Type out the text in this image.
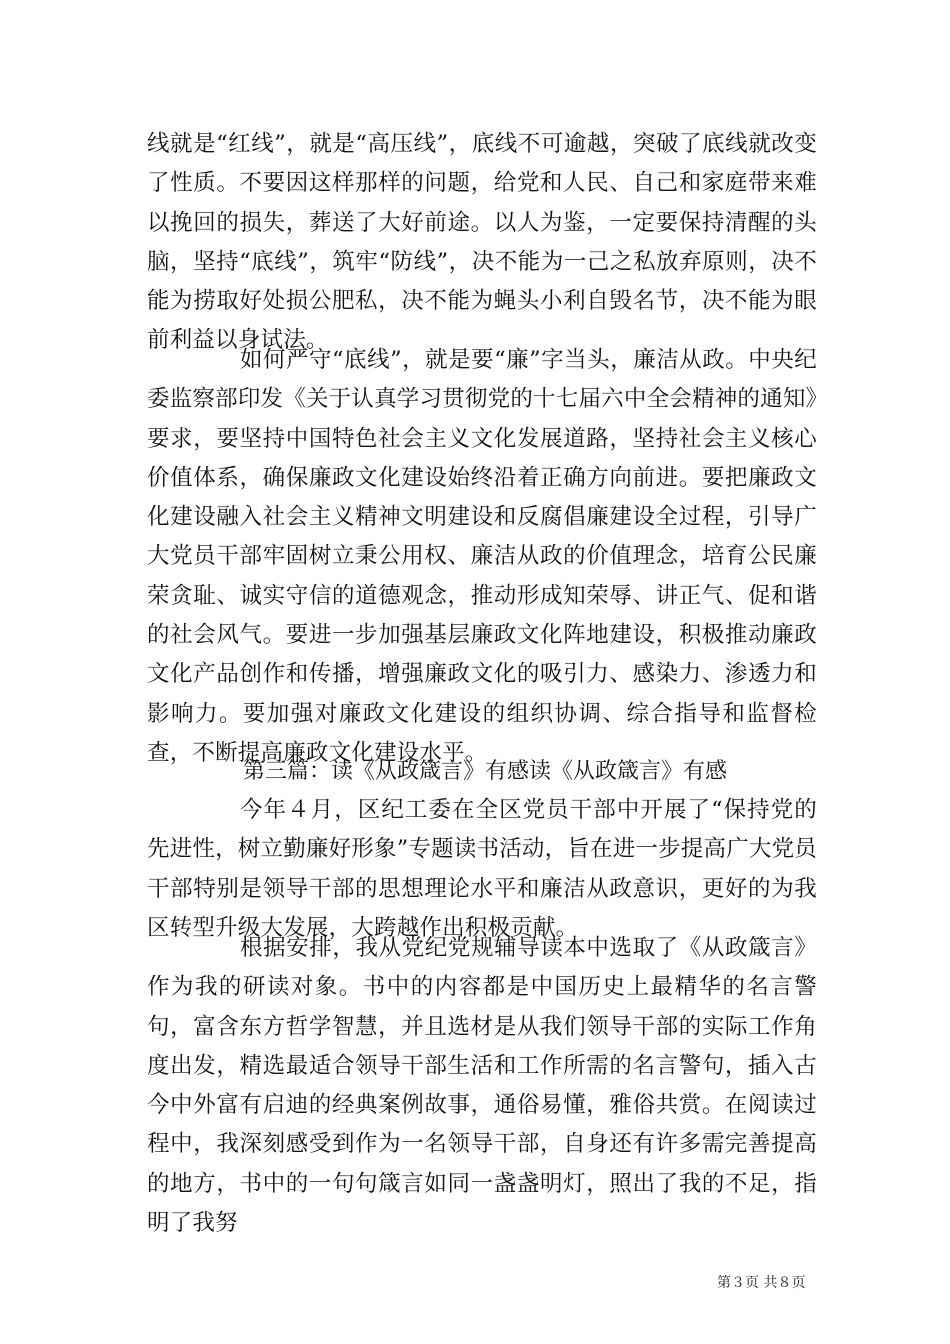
线就是“红线”，就是“高压线”，底线不可逾越，突破了底线就改变了性质。不要因这样那样的问题，给党和人民、自己和家庭带来难以挽回的损失，葬送了大好前途。以人为鉴，一定要保持清醒的头脑，坚持“底线”，筑牢“防线”，决不能为一己之私放弃原则，决不能为捞取好处损公肥私，决不能为蝇头小利自毁名节，决不能为眼前利益以身试法。

如何严守“底线”，就是要“廉”字当头，廉洁从政。中央纪委监察部印发《关于认真学习贯彻党的十七届六中全会精神的通知》要求，要坚持中国特色社会主义文化发展道路，坚持社会主义核心价值体系，确保廉政文化建设始终沿着正确方向前进。要把廉政文化建设融入社会主义精神文明建设和反腐倡廉建设全过程，引导广大党员干部牢固树立秉公用权、廉洁从政的价值理念，培育公民廉荣贪耻、诚实守信的道德观念，推动形成知荣辱、讲正气、促和谐的社会风气。要进一步加强基层廉政文化阵地建设，积极推动廉政文化产品创作和传播，增强廉政文化的吸引力、感染力、渗透力和影响力。要加强对廉政文化建设的组织协调、综合指导和监督检查，不断提高廉政文化建设水平。

第三篇：读《从政箴言》有感读《从政箴言》有感

今年４月，区纪工委在全区党员干部中开展了“保持党的先进性，树立勤廉好形象”专题读书活动，旨在进一步提高广大党员干部特别是领导干部的思想理论水平和廉洁从政意识，更好的为我区转型升级大发展，大跨越作出积极贡献。

根据安排，我从党纪党规辅导读本中选取了《从政箴言》作为我的研读对象。书中的内容都是中国历史上最精华的名言警句，富含东方哲学智慧，并且选材是从我们领导干部的实际工作角度出发，精选最适合领导干部生活和工作所需的名言警句，插入古今中外富有启迪的经典案例故事，通俗易懂，雅俗共赏。在阅读过程中，我深刻感受到作为一名领导干部，自身还有许多需完善提高的地方，书中的一句句箴言如同一盏盏明灯，照出了我的不足，指明了我努

第３页 共８页
